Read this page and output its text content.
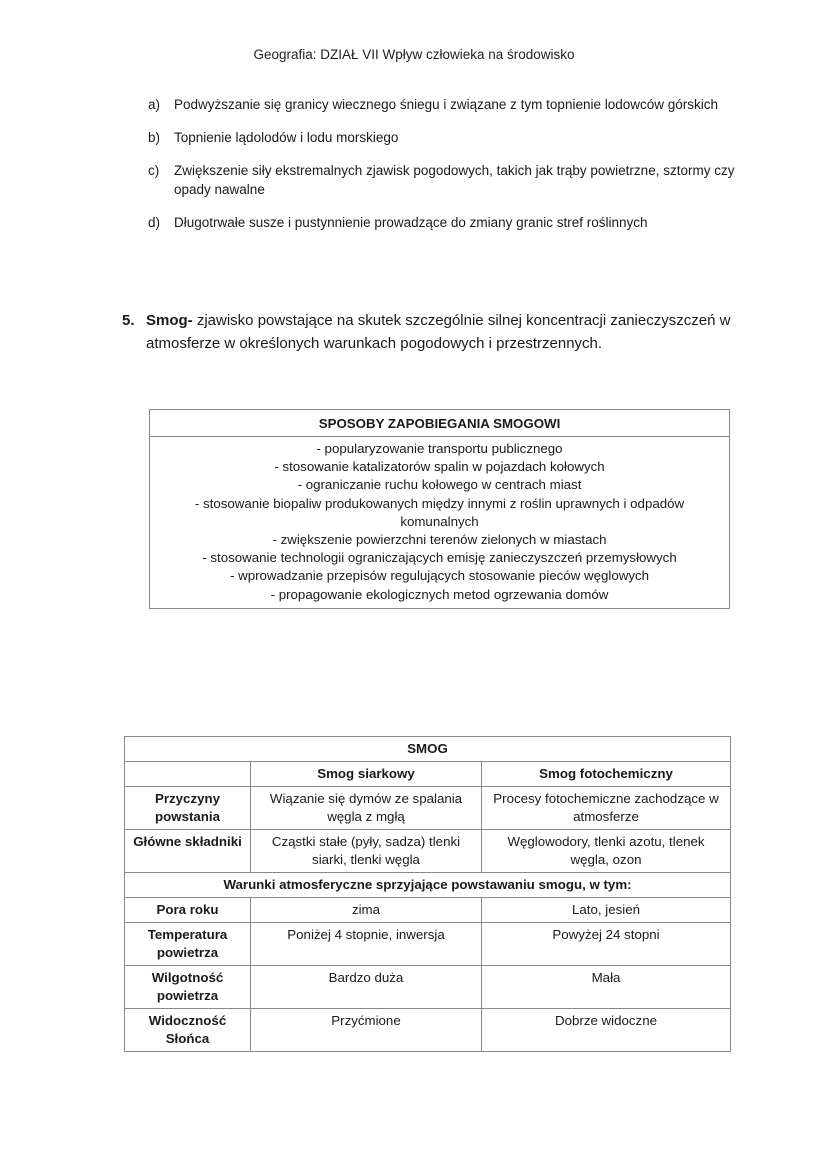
Geografia: DZIAŁ VII Wpływ człowieka na środowisko
a) Podwyższanie się granicy wiecznego śniegu i związane z tym topnienie lodowców górskich
b) Topnienie lądolodów i lodu morskiego
c) Zwiększenie siły ekstremalnych zjawisk pogodowych, takich jak trąby powietrzne, sztormy czy opady nawalne
d) Długotrwałe susze i pustynnienie prowadzące do zmiany granic stref roślinnych
5. Smog- zjawisko powstające na skutek szczególnie silnej koncentracji zanieczyszczeń w atmosferze w określonych warunkach pogodowych i przestrzennych.
SPOSOBY ZAPOBIEGANIA SMOGOWI

- popularyzowanie transportu publicznego
- stosowanie katalizatorów spalin w pojazdach kołowych
- ograniczanie ruchu kołowego w centrach miast
- stosowanie biopaliw produkowanych między innymi z roślin uprawnych i odpadów komunalnych
- zwiększenie powierzchni terenów zielonych w miastach
- stosowanie technologii ograniczających emisję zanieczyszczeń przemysłowych
- wprowadzanie przepisów regulujących stosowanie pieców węglowych
- propagowanie ekologicznych metod ogrzewania domów
SMOG		
	Smog siarkowy	Smog fotochemiczny
Przyczyny powstania	Wiązanie się dymów ze spalania węgla z mgłą	Procesy fotochemiczne zachodzące w atmosferze
Główne składniki	Cząstki stałe (pyły, sadza) tlenki siarki, tlenki węgla	Węglowodory, tlenki azotu, tlenek węgla, ozon
Warunki atmosferyczne sprzyjające powstawaniu smogu, w tym:		
Pora roku	zima	Lato, jesień
Temperatura powietrza	Poniżej 4 stopnie, inwersja	Powyżej 24 stopni
Wilgotność powietrza	Bardzo duża	Mała
Widoczność Słońca	Przyćmione	Dobrze widoczne
